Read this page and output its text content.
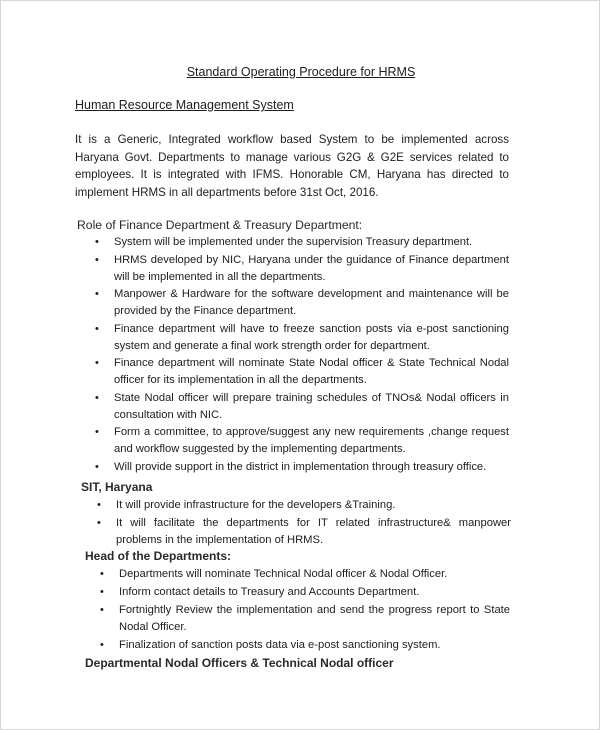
Standard Operating Procedure for HRMS
Human Resource Management System

It is a Generic, Integrated workflow based System to be implemented across Haryana Govt. Departments to manage various G2G & G2E services related to employees. It is integrated with IFMS. Honorable CM, Haryana has directed to implement HRMS in all departments before 31st Oct, 2016.

Role of Finance Department & Treasury Department:
• System will be implemented under the supervision Treasury department.
• HRMS developed by NIC, Haryana under the guidance of Finance department will be implemented in all the departments.
• Manpower & Hardware for the software development and maintenance will be provided by the Finance department.
• Finance department will have to freeze sanction posts via e-post sanctioning system and generate a final work strength order for department.
• Finance department will nominate State Nodal officer & State Technical Nodal officer for its implementation in all the departments.
• State Nodal officer will prepare training schedules of TNOs& Nodal officers in consultation with NIC.
• Form a committee, to approve/suggest any new requirements ,change request and workflow suggested by the implementing departments.
• Will provide support in the district in implementation through treasury office.
SIT, Haryana
• It will provide infrastructure for the developers &Training.
• It will facilitate the departments for IT related infrastructure& manpower problems in the implementation of HRMS.
Head of the Departments:
• Departments will nominate Technical Nodal officer & Nodal Officer.
• Inform contact details to Treasury and Accounts Department.
• Fortnightly Review the implementation and send the progress report to State Nodal Officer.
• Finalization of sanction posts data via e-post sanctioning system.
Departmental Nodal Officers & Technical Nodal officer
